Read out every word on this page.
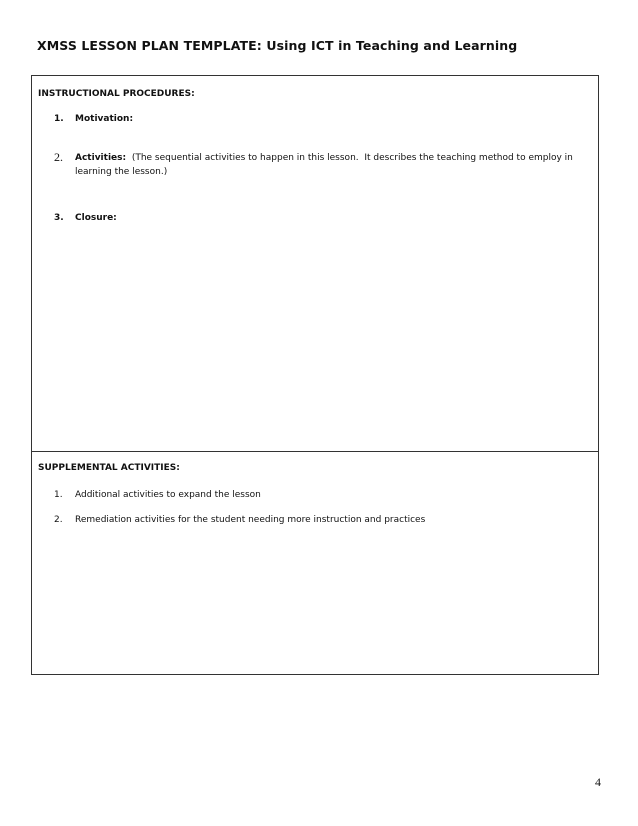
XMSS LESSON PLAN TEMPLATE: Using ICT in Teaching and Learning
INSTRUCTIONAL PROCEDURES:
1. Motivation:
2. Activities:  (The sequential activities to happen in this lesson.  It describes the teaching method to employ in learning the lesson.)
3. Closure:
SUPPLEMENTAL ACTIVITIES:
1. Additional activities to expand the lesson
2. Remediation activities for the student needing more instruction and practices
4
